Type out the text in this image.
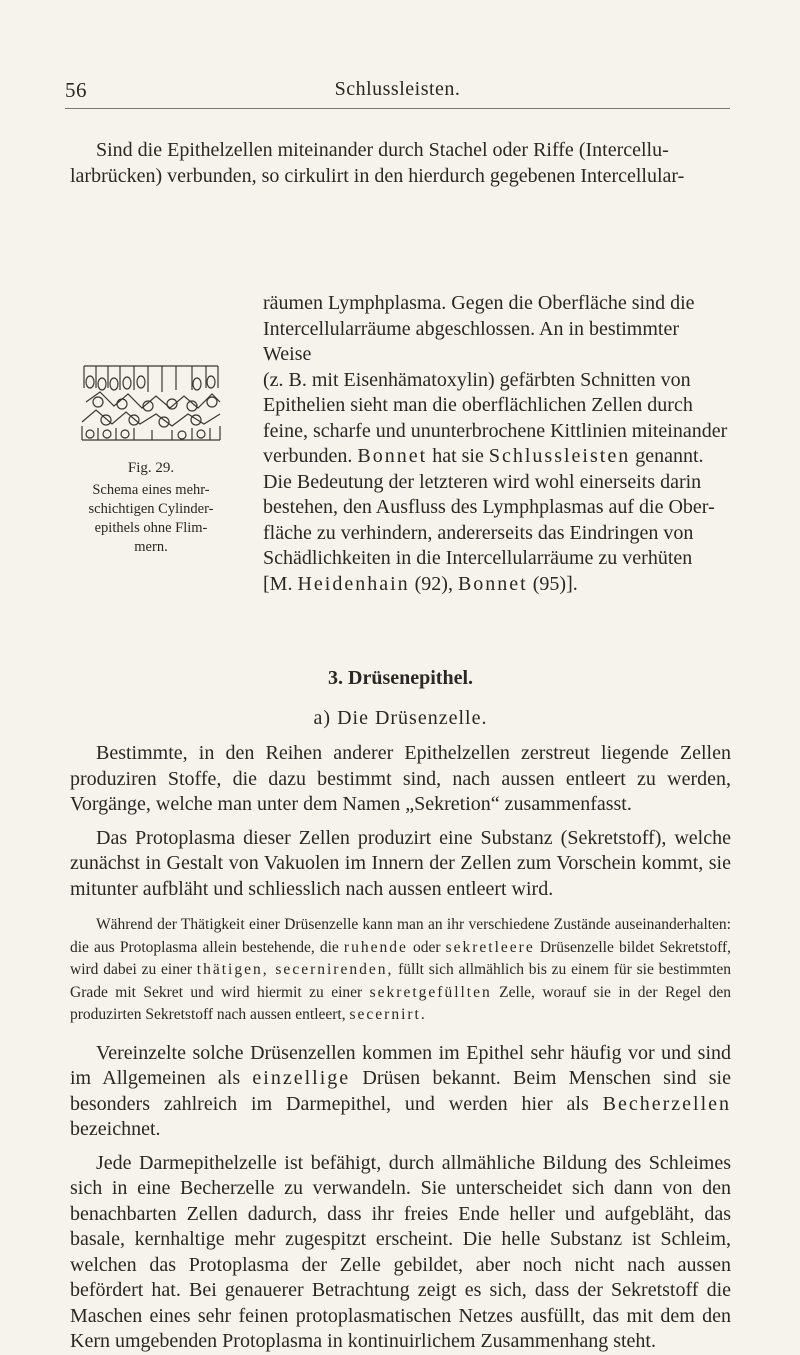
56	Schlussleisten.
Sind die Epithelzellen miteinander durch Stachel oder Riffe (Intercellu-
larbrücken) verbunden, so cirkulirt in den hierdurch gegebenen Intercellular-
Fig. 29.
Schema eines mehr-
schichtigen Cylinder-
epithels ohne Flim-
mern.
räumen Lymphplasma. Gegen die Oberfläche sind die
Intercellularräume abgeschlossen. An in bestimmter Weise
(z. B. mit Eisenhämatoxylin) gefärbten Schnitten von
Epithelien sieht man die oberflächlichen Zellen durch
feine, scharfe und ununterbrochene Kittlinien miteinander
verbunden. Bonnet hat sie Schlussleisten genannt.
Die Bedeutung der letzteren wird wohl einerseits darin
bestehen, den Ausfluss des Lymphplasmas auf die Ober-
fläche zu verhindern, andererseits das Eindringen von
Schädlichkeiten in die Intercellularräume zu verhüten
[M. Heidenhain (92), Bonnet (95)].
3. Drüsenepithel.
a) Die Drüsenzelle.

Bestimmte, in den Reihen anderer Epithelzellen zerstreut liegende Zellen produziren Stoffe, die dazu bestimmt sind, nach aussen entleert zu werden, Vorgänge, welche man unter dem Namen „Sekretion“ zusammenfasst.

Das Protoplasma dieser Zellen produzirt eine Substanz (Sekretstoff), welche zunächst in Gestalt von Vakuolen im Innern der Zellen zum Vorschein kommt, sie mitunter aufbläht und schliesslich nach aussen entleert wird.

Während der Thätigkeit einer Drüsenzelle kann man an ihr verschiedene Zustände auseinanderhalten: die aus Protoplasma allein bestehende, die ruhende oder sekretleere Drüsenzelle bildet Sekretstoff, wird dabei zu einer thätigen, secernirenden, füllt sich allmählich bis zu einem für sie bestimmten Grade mit Sekret und wird hiermit zu einer sekretgefüllten Zelle, worauf sie in der Regel den produzirten Sekretstoff nach aussen entleert, secernirt.

Vereinzelte solche Drüsenzellen kommen im Epithel sehr häufig vor und sind im Allgemeinen als einzellige Drüsen bekannt. Beim Menschen sind sie besonders zahlreich im Darmepithel, und werden hier als Becherzellen bezeichnet.

Jede Darmepithelzelle ist befähigt, durch allmähliche Bildung des Schleimes sich in eine Becherzelle zu verwandeln. Sie unterscheidet sich dann von den benachbarten Zellen dadurch, dass ihr freies Ende heller und aufgebläht, das basale, kernhaltige mehr zugespitzt erscheint. Die helle Substanz ist Schleim, welchen das Protoplasma der Zelle gebildet, aber noch nicht nach aussen befördert hat. Bei genauerer Betrachtung zeigt es sich, dass der Sekretstoff die Maschen eines sehr feinen protoplasmatischen Netzes ausfüllt, das mit dem den Kern umgebenden Protoplasma in kontinuirlichem Zusammenhang steht.
